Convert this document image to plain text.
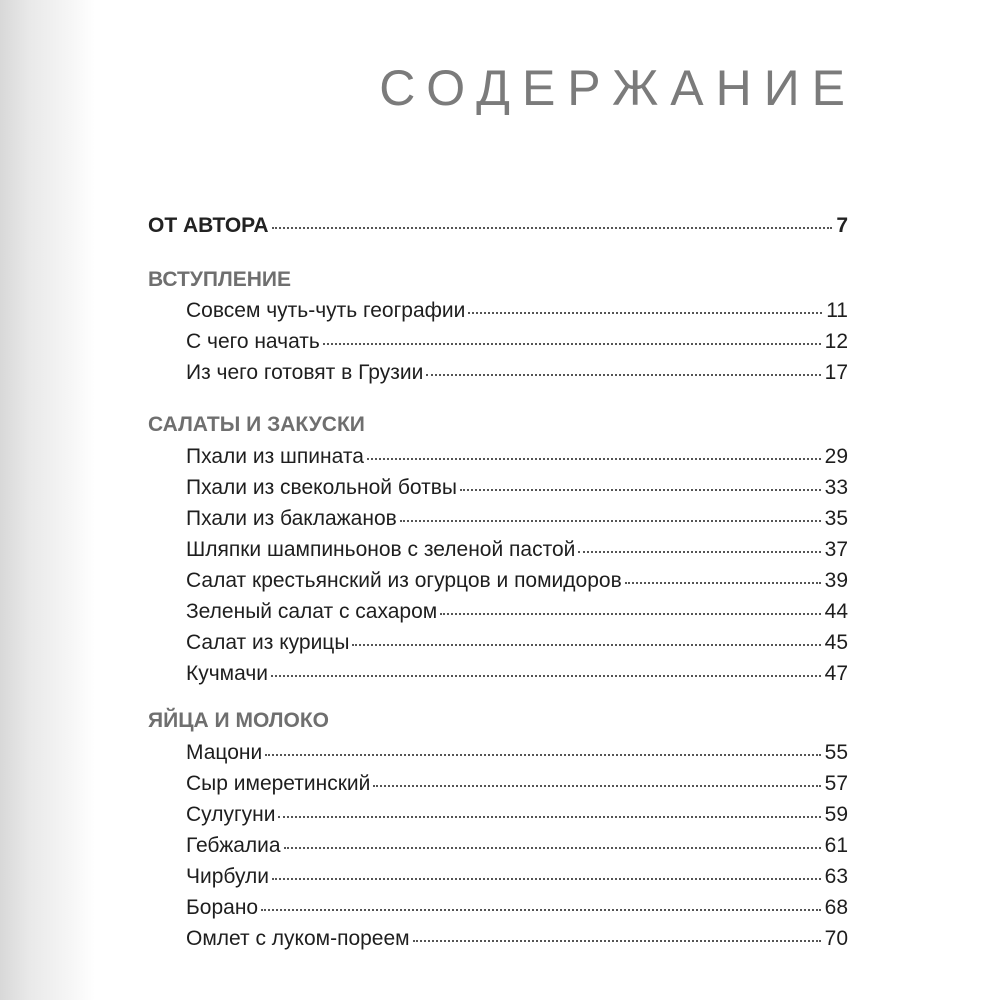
СОДЕРЖАНИЕ
ОТ АВТОРА	7
ВСТУПЛЕНИЕ
Совсем чуть-чуть географии	11
С чего начать	12
Из чего готовят в Грузии	17
САЛАТЫ И ЗАКУСКИ
Пхали из шпината	29
Пхали из свекольной ботвы	33
Пхали из баклажанов	35
Шляпки шампиньонов с зеленой пастой	37
Салат крестьянский из огурцов и помидоров	39
Зеленый салат с сахаром	44
Салат из курицы	45
Кучмачи	47
ЯЙЦА И МОЛОКО
Мацони	55
Сыр имеретинский	57
Сулугуни	59
Гебжалиа	61
Чирбули	63
Борано	68
Омлет с луком-пореем	70
